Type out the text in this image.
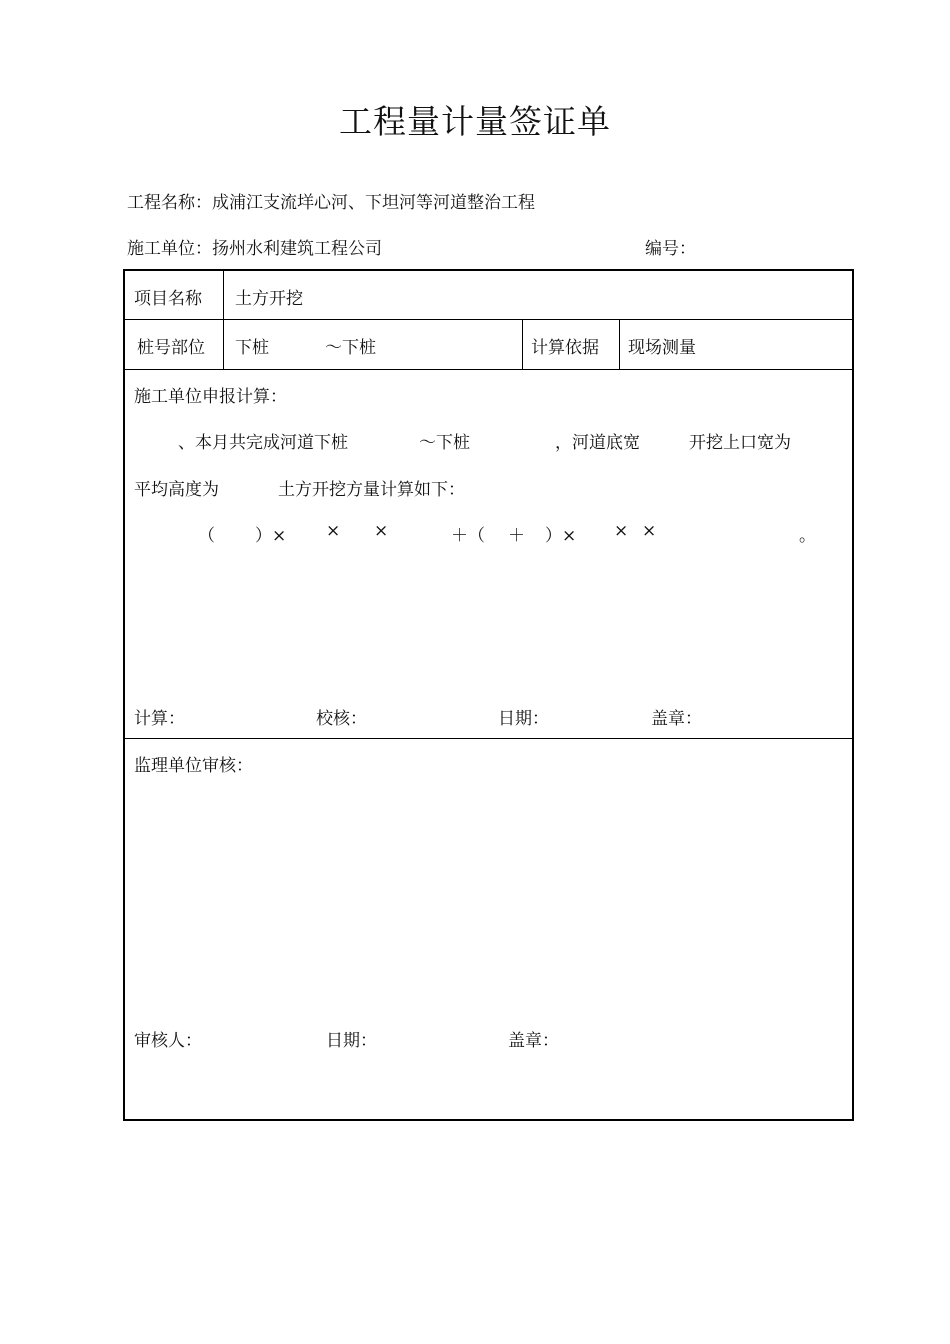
工程量计量签证单
工程名称：成浦江支流垟心河、下坦河等河道整治工程
施工单位：扬州水利建筑工程公司	编号：
项目名称 土方开挖
桩号部位 下桩	～下桩	计算依据 现场测量
施工单位申报计算：
、本月共完成河道下桩	～下桩	，河道底宽	开挖上口宽为
平均高度为	土方开挖方量计算如下：
（ ）× × ×	＋（ ＋ ）× × ×	。
计算：	校核：	日期：	盖章：
监理单位审核：
审核人：	日期：	盖章：
